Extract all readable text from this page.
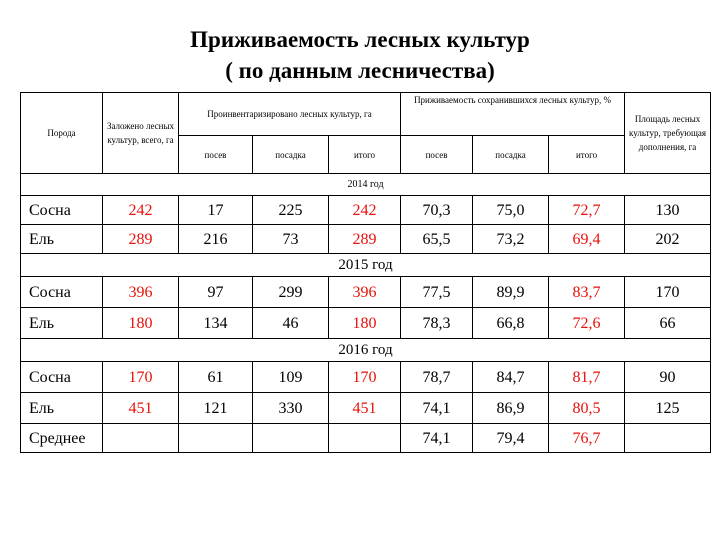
Приживаемость лесных культур
( по данным лесничества)
Порода	Заложено лесных культур, всего, га	Проинвентаризировано лесных культур, га			Приживаемость сохранившихся лесных культур, %			Площадь лесных культур, требующая дополнения, га
		посев	посадка	итого	посев	посадка	итого	
2014 год								
Сосна	242	17	225	242	70,3	75,0	72,7	130
Ель	289	216	73	289	65,5	73,2	69,4	202
2015 год								
Сосна	396	97	299	396	77,5	89,9	83,7	170
Ель	180	134	46	180	78,3	66,8	72,6	66
2016 год								
Сосна	170	61	109	170	78,7	84,7	81,7	90
Ель	451	121	330	451	74,1	86,9	80,5	125
Среднее					74,1	79,4	76,7	
